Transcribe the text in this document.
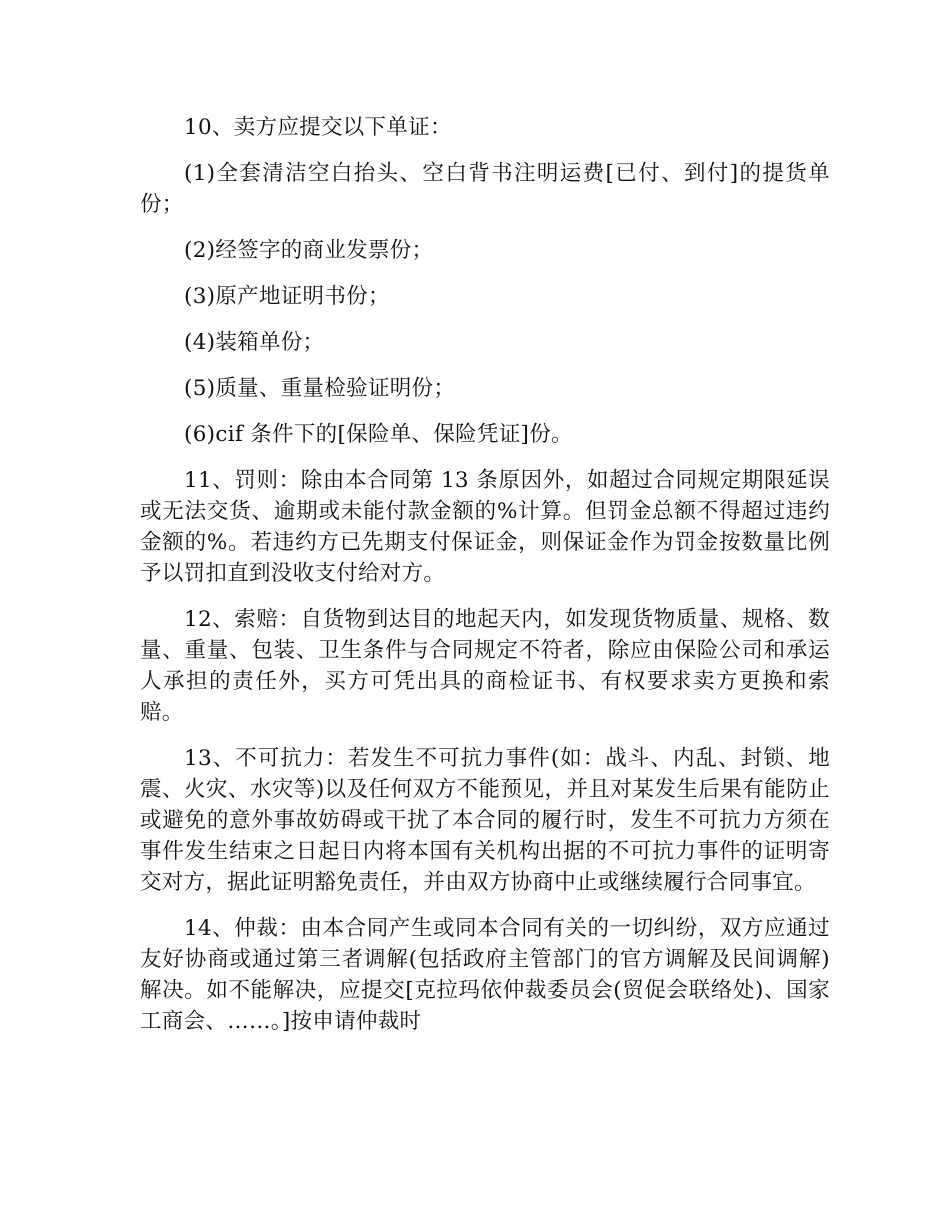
10、卖方应提交以下单证：

(1)全套清洁空白抬头、空白背书注明运费[已付、到付]的提货单份；

(2)经签字的商业发票份；

(3)原产地证明书份；

(4)装箱单份；

(5)质量、重量检验证明份；

(6)cif 条件下的[保险单、保险凭证]份。

11、罚则：除由本合同第 13 条原因外，如超过合同规定期限延误或无法交货、逾期或未能付款金额的%计算。但罚金总额不得超过违约金额的%。若违约方已先期支付保证金，则保证金作为罚金按数量比例予以罚扣直到没收支付给对方。

12、索赔：自货物到达目的地起天内，如发现货物质量、规格、数量、重量、包装、卫生条件与合同规定不符者，除应由保险公司和承运人承担的责任外，买方可凭出具的商检证书、有权要求卖方更换和索赔。

13、不可抗力：若发生不可抗力事件(如：战斗、内乱、封锁、地震、火灾、水灾等)以及任何双方不能预见，并且对某发生后果有能防止或避免的意外事故妨碍或干扰了本合同的履行时，发生不可抗力方须在事件发生结束之日起日内将本国有关机构出据的不可抗力事件的证明寄交对方，据此证明豁免责任，并由双方协商中止或继续履行合同事宜。

14、仲裁：由本合同产生或同本合同有关的一切纠纷，双方应通过友好协商或通过第三者调解(包括政府主管部门的官方调解及民间调解)解决。如不能解决，应提交[克拉玛依仲裁委员会(贸促会联络处)、国家工商会、……。]按申请仲裁时
